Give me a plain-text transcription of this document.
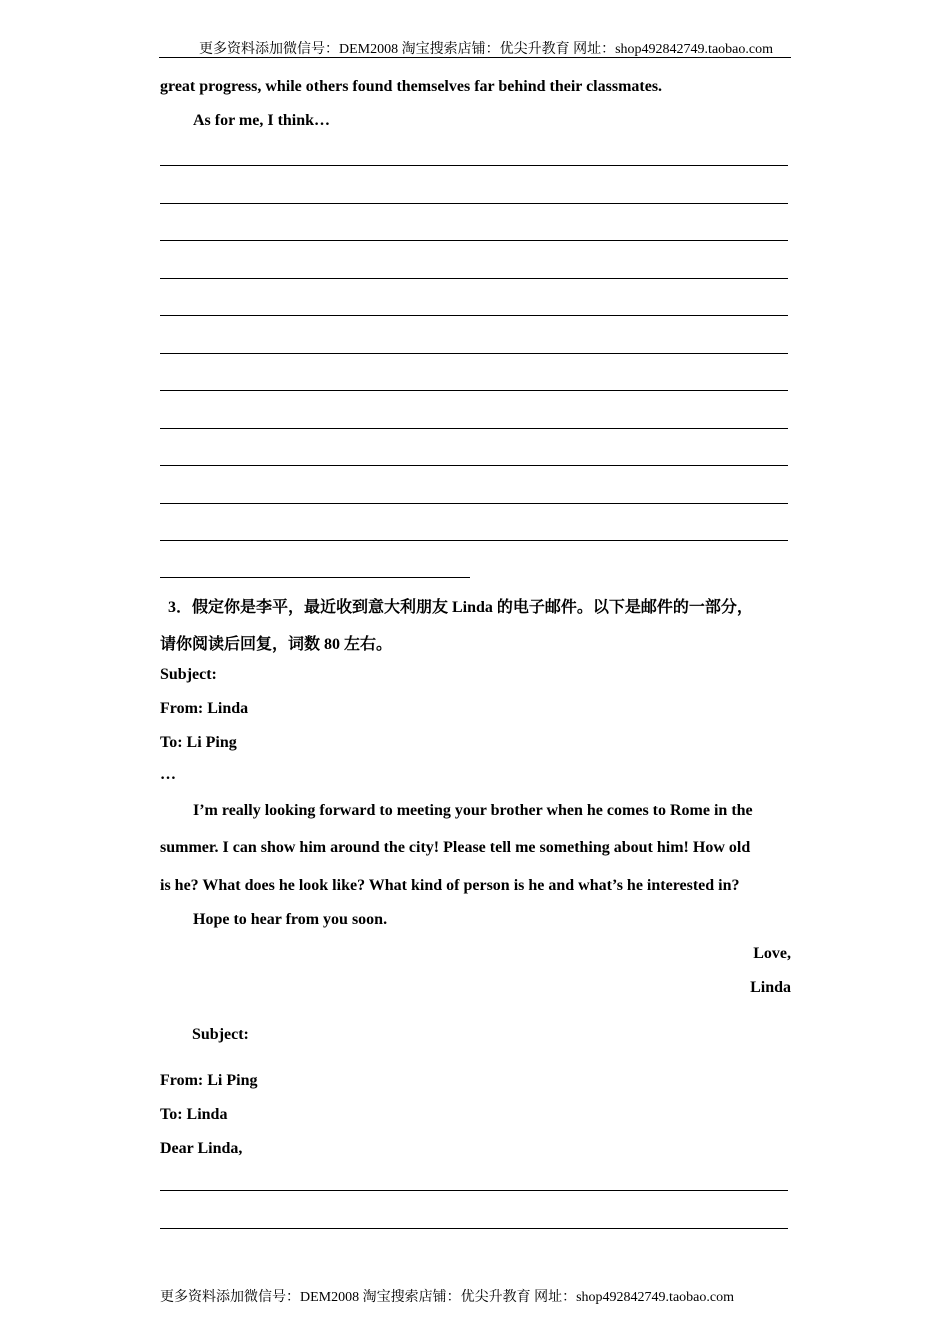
更多资料添加微信号：DEM2008 淘宝搜索店铺：优尖升教育 网址：shop492842749.taobao.com
great progress, while others found themselves far behind their classmates.
As for me, I think…
3．假定你是李平，最近收到意大利朋友 Linda 的电子邮件。以下是邮件的一部分，
请你阅读后回复，词数 80 左右。
Subject:
From: Linda
To: Li Ping
…
I’m really looking forward to meeting your brother when he comes to Rome in the
summer. I can show him around the city! Please tell me something about him! How old
is he? What does he look like? What kind of person is he and what’s he interested in?
Hope to hear from you soon.
Love,
Linda
Subject:
From: Li Ping
To: Linda
Dear Linda,
更多资料添加微信号：DEM2008 淘宝搜索店铺：优尖升教育 网址：shop492842749.taobao.com
